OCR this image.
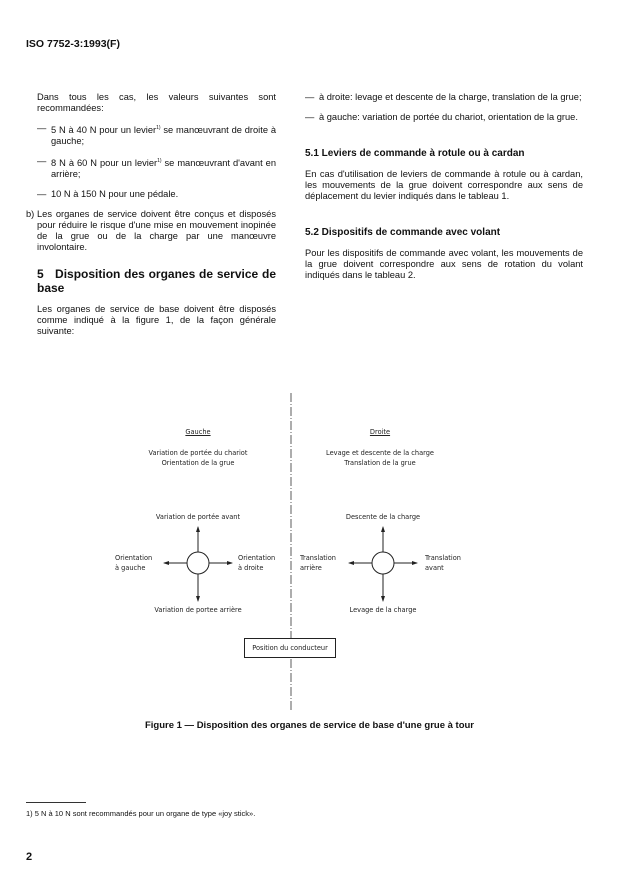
ISO 7752-3:1993(F)

Dans tous les cas, les valeurs suivantes sont recommandées:

— 5 N à 40 N pour un levier$^{1)}$ se manœuvrant de droite à gauche;

— 8 N à 60 N pour un levier$^{1)}$ se manœuvrant d'avant en arrière;

— 10 N à 150 N pour une pédale.

b) Les organes de service doivent être conçus et disposés pour réduire le risque d'une mise en mouvement inopinée de la grue ou de la charge par une manœuvre involontaire.

5 Disposition des organes de service de base

Les organes de service de base doivent être disposés comme indiqué à la figure 1, de la façon générale suivante:

— à droite: levage et descente de la charge, translation de la grue;

— à gauche: variation de portée du chariot, orientation de la grue.

5.1 Leviers de commande à rotule ou à cardan

En cas d'utilisation de leviers de commande à rotule ou à cardan, les mouvements de la grue doivent correspondre aux sens de déplacement du levier indiqués dans le tableau 1.

5.2 Dispositifs de commande avec volant

Pour les dispositifs de commande avec volant, les mouvements de la grue doivent correspondre aux sens de rotation du volant indiqués dans le tableau 2.

Gauche
Variation de portée du chariot
Orientation de la grue
Variation de portée avant
Orientation
à gauche
Orientation
à droite
Variation de portee arrière
Droite
Levage et descente de la charge
Translation de la grue
Descente de la charge
Translation
arrière
Translation
avant
Levage de la charge
Position du conducteur
Figure 1 — Disposition des organes de service de base d'une grue à tour
1) 5 N à 10 N sont recommandés pour un organe de type «joy stick».
2
